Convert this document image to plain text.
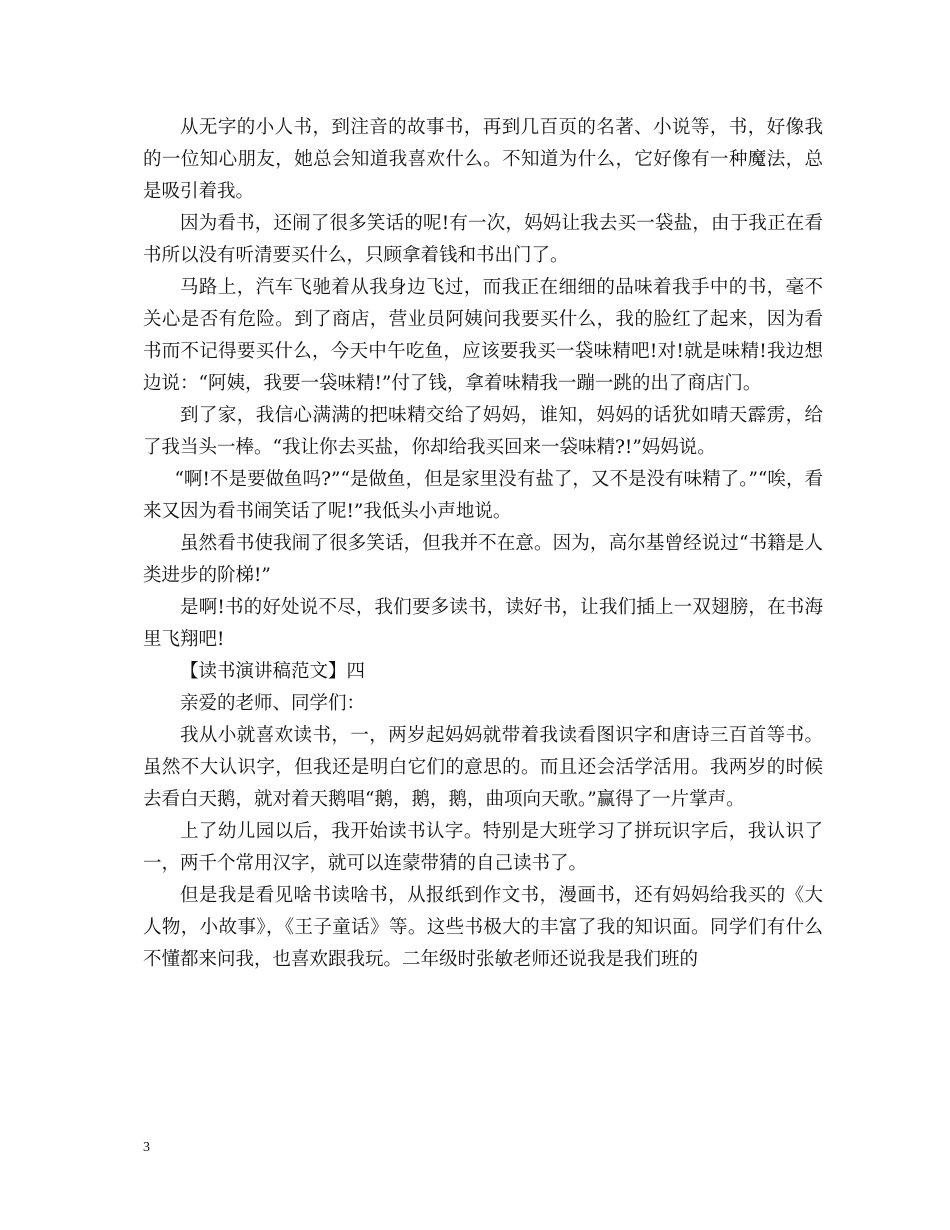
从无字的小人书，到注音的故事书，再到几百页的名著、小说等，书，好像我的一位知心朋友，她总会知道我喜欢什么。不知道为什么，它好像有一种魔法，总是吸引着我。

因为看书，还闹了很多笑话的呢!有一次，妈妈让我去买一袋盐，由于我正在看书所以没有听清要买什么，只顾拿着钱和书出门了。

马路上，汽车飞驰着从我身边飞过，而我正在细细的品味着我手中的书，毫不关心是否有危险。到了商店，营业员阿姨问我要买什么，我的脸红了起来，因为看书而不记得要买什么，今天中午吃鱼，应该要我买一袋味精吧!对!就是味精!我边想边说：“阿姨，我要一袋味精!”付了钱，拿着味精我一蹦一跳的出了商店门。

到了家，我信心满满的把味精交给了妈妈，谁知，妈妈的话犹如晴天霹雳，给了我当头一棒。“我让你去买盐，你却给我买回来一袋味精?!”妈妈说。

“啊!不是要做鱼吗?”“是做鱼，但是家里没有盐了，又不是没有味精了。”“唉，看来又因为看书闹笑话了呢!”我低头小声地说。

虽然看书使我闹了很多笑话，但我并不在意。因为，高尔基曾经说过“书籍是人类进步的阶梯!”

是啊!书的好处说不尽，我们要多读书，读好书，让我们插上一双翅膀，在书海里飞翔吧!

【读书演讲稿范文】四

亲爱的老师、同学们：

我从小就喜欢读书，一，两岁起妈妈就带着我读看图识字和唐诗三百首等书。虽然不大认识字，但我还是明白它们的意思的。而且还会活学活用。我两岁的时候去看白天鹅，就对着天鹅唱“鹅，鹅，鹅，曲项向天歌。”赢得了一片掌声。

上了幼儿园以后，我开始读书认字。特别是大班学习了拼玩识字后，我认识了一，两千个常用汉字，就可以连蒙带猜的自己读书了。

但是我是看见啥书读啥书，从报纸到作文书，漫画书，还有妈妈给我买的《大人物，小故事》，《王子童话》等。这些书极大的丰富了我的知识面。同学们有什么不懂都来问我，也喜欢跟我玩。二年级时张敏老师还说我是我们班的

3
